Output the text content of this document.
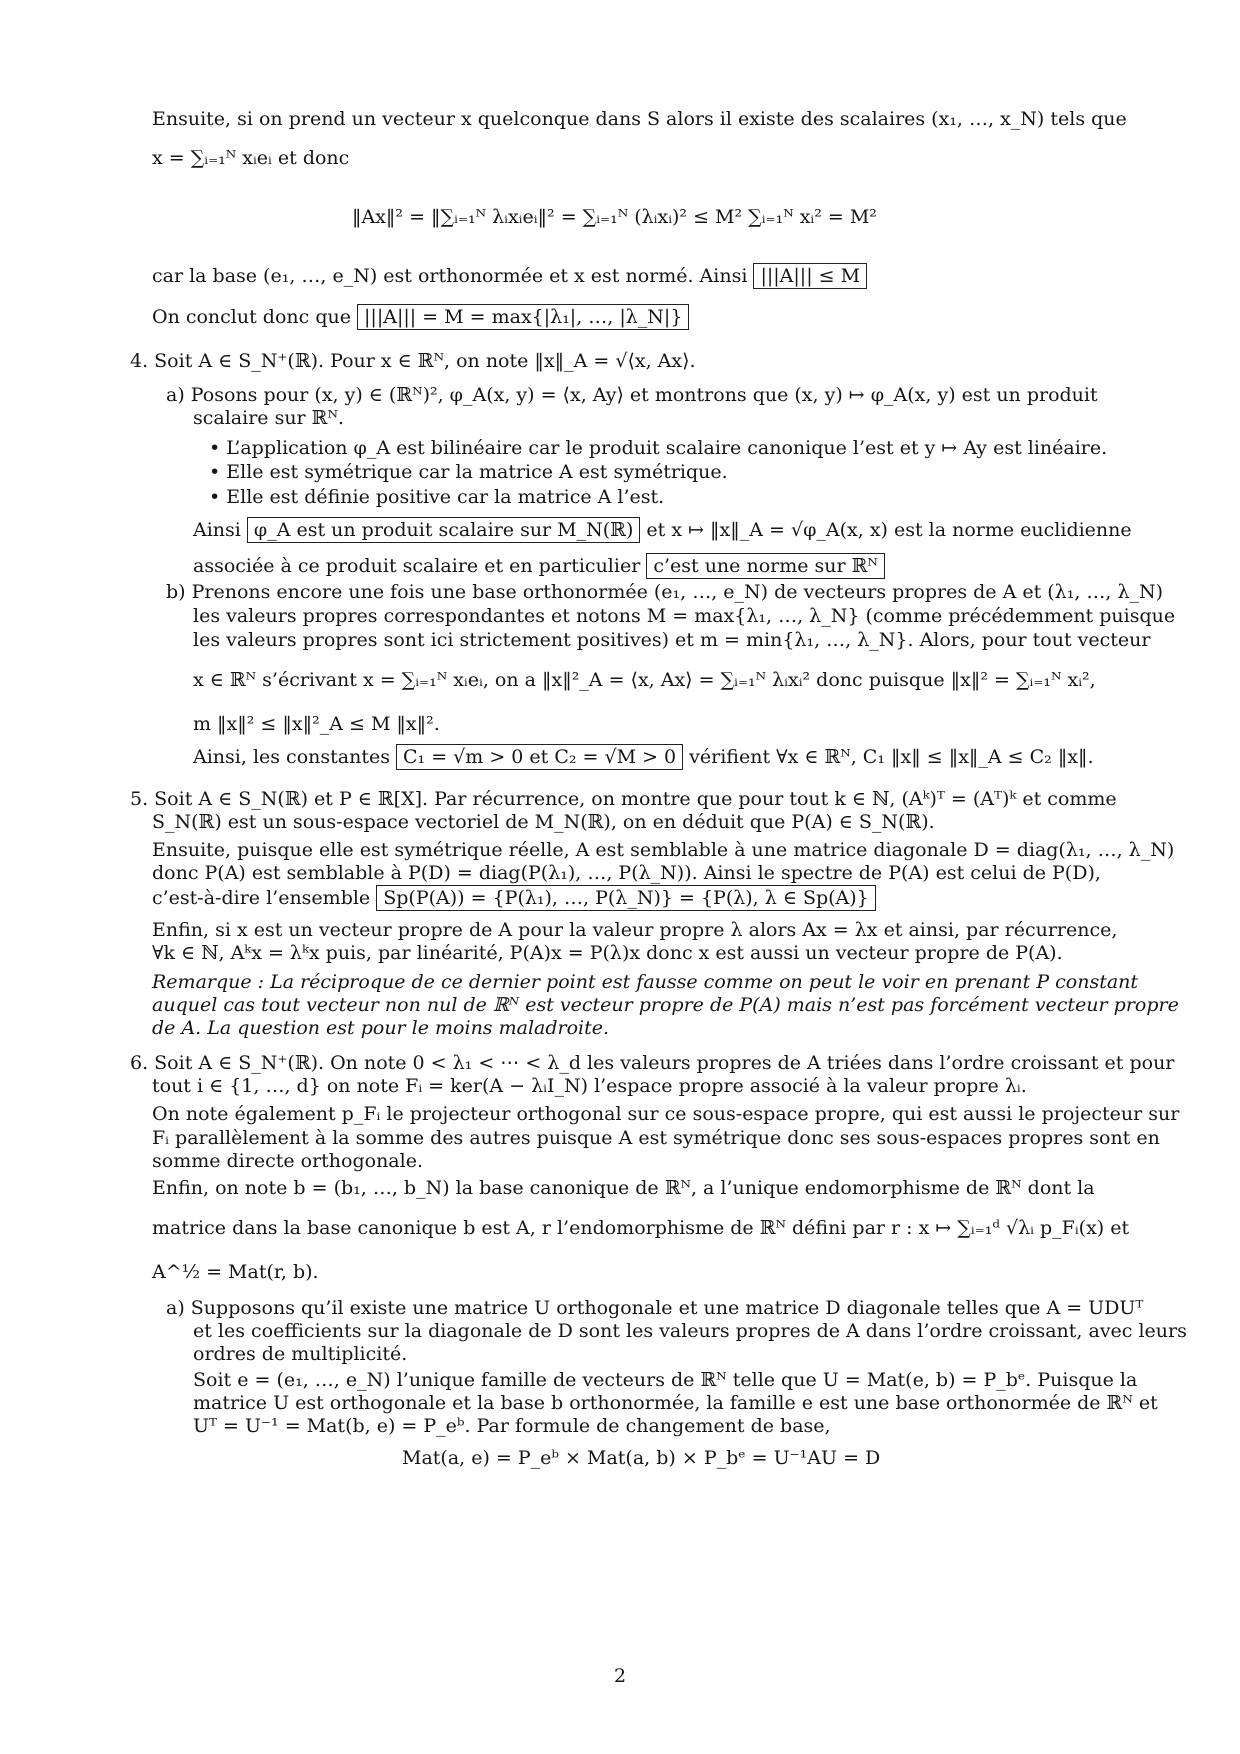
Ensuite, si on prend un vecteur x quelconque dans S alors il existe des scalaires (x₁, …, x_N) tels que
x = ∑ᵢ₌₁ᴺ xᵢeᵢ et donc
‖Ax‖² = ‖∑ᵢ₌₁ᴺ λᵢxᵢeᵢ‖² = ∑ᵢ₌₁ᴺ (λᵢxᵢ)² ≤ M² ∑ᵢ₌₁ᴺ xᵢ² = M²
car la base (e₁, …, e_N) est orthonormée et x est normé. Ainsi |||A||| ≤ M
On conclut donc que |||A||| = M = max{|λ₁|, …, |λ_N|}
4. Soit A ∈ S_N⁺(ℝ). Pour x ∈ ℝᴺ, on note ‖x‖_A = √⟨x, Ax⟩.
a) Posons pour (x, y) ∈ (ℝᴺ)², φ_A(x, y) = ⟨x, Ay⟩ et montrons que (x, y) ↦ φ_A(x, y) est un produit
scalaire sur ℝᴺ.
• L’application φ_A est bilinéaire car le produit scalaire canonique l’est et y ↦ Ay est linéaire.
• Elle est symétrique car la matrice A est symétrique.
• Elle est définie positive car la matrice A l’est.
Ainsi φ_A est un produit scalaire sur M_N(ℝ) et x ↦ ‖x‖_A = √φ_A(x, x) est la norme euclidienne
associée à ce produit scalaire et en particulier c’est une norme sur ℝᴺ
b) Prenons encore une fois une base orthonormée (e₁, …, e_N) de vecteurs propres de A et (λ₁, …, λ_N)
les valeurs propres correspondantes et notons M = max{λ₁, …, λ_N} (comme précédemment puisque
les valeurs propres sont ici strictement positives) et m = min{λ₁, …, λ_N}. Alors, pour tout vecteur
x ∈ ℝᴺ s’écrivant x = ∑ᵢ₌₁ᴺ xᵢeᵢ, on a ‖x‖²_A = ⟨x, Ax⟩ = ∑ᵢ₌₁ᴺ λᵢxᵢ² donc puisque ‖x‖² = ∑ᵢ₌₁ᴺ xᵢ²,
m ‖x‖² ≤ ‖x‖²_A ≤ M ‖x‖².
Ainsi, les constantes C₁ = √m > 0 et C₂ = √M > 0 vérifient ∀x ∈ ℝᴺ, C₁ ‖x‖ ≤ ‖x‖_A ≤ C₂ ‖x‖.
5. Soit A ∈ S_N(ℝ) et P ∈ ℝ[X]. Par récurrence, on montre que pour tout k ∈ ℕ, (Aᵏ)ᵀ = (Aᵀ)ᵏ et comme
S_N(ℝ) est un sous-espace vectoriel de M_N(ℝ), on en déduit que P(A) ∈ S_N(ℝ).
Ensuite, puisque elle est symétrique réelle, A est semblable à une matrice diagonale D = diag(λ₁, …, λ_N)
donc P(A) est semblable à P(D) = diag(P(λ₁), …, P(λ_N)). Ainsi le spectre de P(A) est celui de P(D),
c’est-à-dire l’ensemble Sp(P(A)) = {P(λ₁), …, P(λ_N)} = {P(λ), λ ∈ Sp(A)}
Enfin, si x est un vecteur propre de A pour la valeur propre λ alors Ax = λx et ainsi, par récurrence,
∀k ∈ ℕ, Aᵏx = λᵏx puis, par linéarité, P(A)x = P(λ)x donc x est aussi un vecteur propre de P(A).
Remarque : La réciproque de ce dernier point est fausse comme on peut le voir en prenant P constant
auquel cas tout vecteur non nul de ℝᴺ est vecteur propre de P(A) mais n’est pas forcément vecteur propre
de A. La question est pour le moins maladroite.
6. Soit A ∈ S_N⁺(ℝ). On note 0 < λ₁ < ⋯ < λ_d les valeurs propres de A triées dans l’ordre croissant et pour
tout i ∈ {1, …, d} on note Fᵢ = ker(A − λᵢI_N) l’espace propre associé à la valeur propre λᵢ.
On note également p_Fᵢ le projecteur orthogonal sur ce sous-espace propre, qui est aussi le projecteur sur
Fᵢ parallèlement à la somme des autres puisque A est symétrique donc ses sous-espaces propres sont en
somme directe orthogonale.
Enfin, on note b = (b₁, …, b_N) la base canonique de ℝᴺ, a l’unique endomorphisme de ℝᴺ dont la
matrice dans la base canonique b est A, r l’endomorphisme de ℝᴺ défini par r : x ↦ ∑ᵢ₌₁ᵈ √λᵢ p_Fᵢ(x) et
A^½ = Mat(r, b).
a) Supposons qu’il existe une matrice U orthogonale et une matrice D diagonale telles que A = UDUᵀ
et les coefficients sur la diagonale de D sont les valeurs propres de A dans l’ordre croissant, avec leurs
ordres de multiplicité.
Soit e = (e₁, …, e_N) l’unique famille de vecteurs de ℝᴺ telle que U = Mat(e, b) = P_bᵉ. Puisque la
matrice U est orthogonale et la base b orthonormée, la famille e est une base orthonormée de ℝᴺ et
Uᵀ = U⁻¹ = Mat(b, e) = P_eᵇ. Par formule de changement de base,
Mat(a, e) = P_eᵇ × Mat(a, b) × P_bᵉ = U⁻¹AU = D
2
